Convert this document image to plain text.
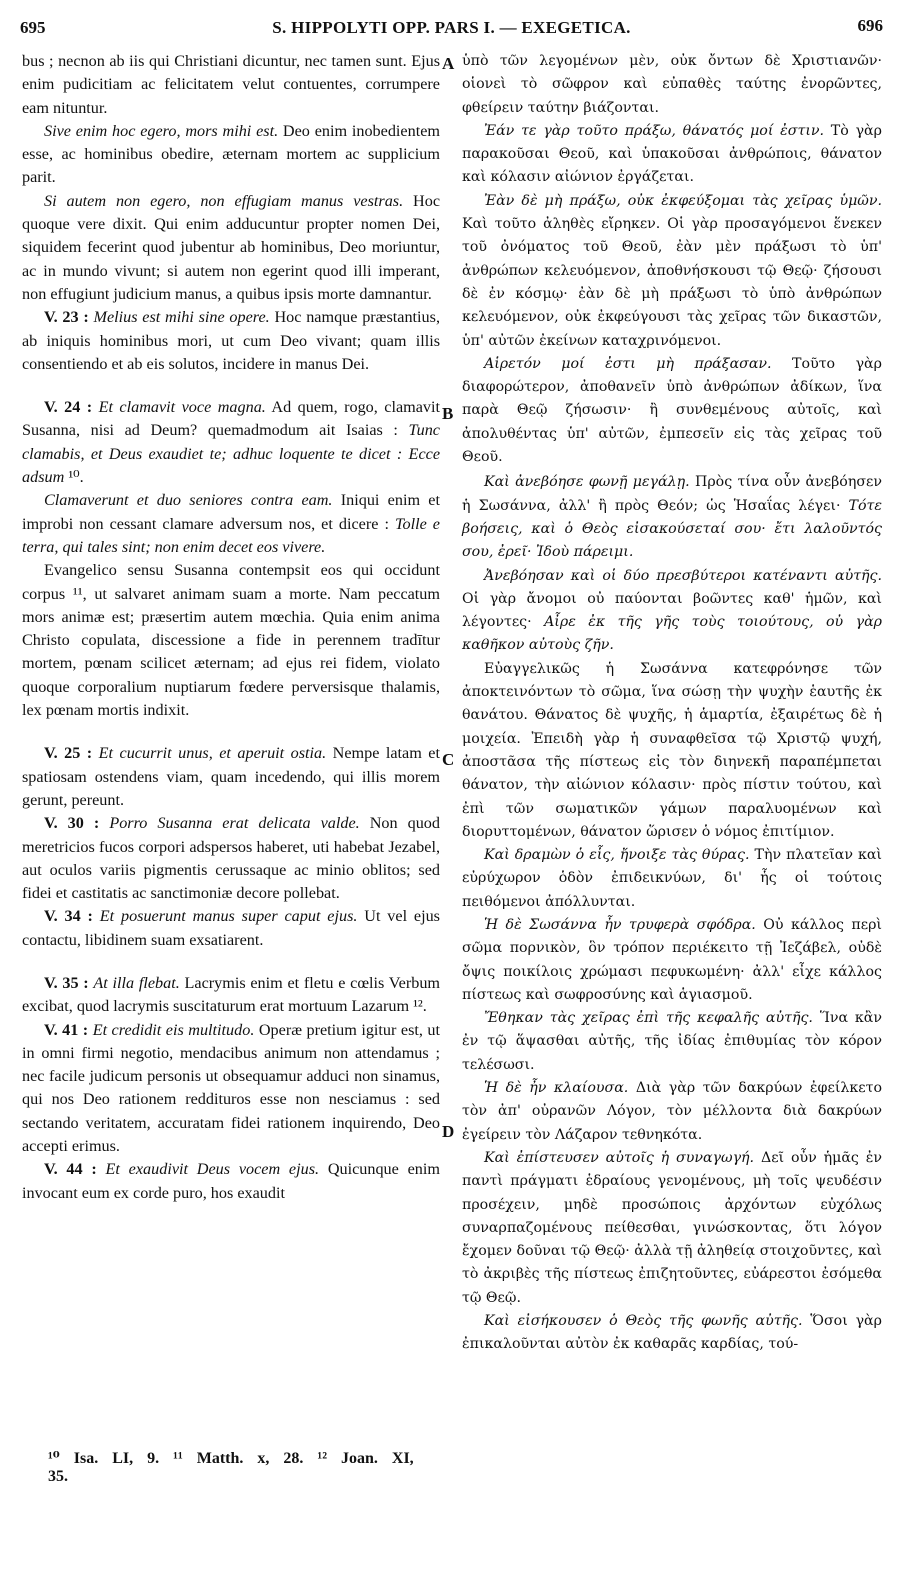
695	S. HIPPOLYTI OPP. PARS I. — EXEGETICA.	696

bus ; necnon ab iis qui Christiani dicuntur, nec tamen sunt. Ejus enim pudicitiam ac felicitatem velut contuentes, corrumpere eam nituntur.

Sive enim hoc egero, mors mihi est. Deo enim inobedientem esse, ac hominibus obedire, æternam mortem ac supplicium parit.

Si autem non egero, non effugiam manus vestras. Hoc quoque vere dixit. Qui enim adducuntur propter nomen Dei, siquidem fecerint quod jubentur ab hominibus, Deo moriuntur, ac in mundo vivunt; si autem non egerint quod illi imperant, non effugiunt judicium manus, a quibus ipsis morte damnantur.

V. 23 : Melius est mihi sine opere. Hoc namque præstantius, ab iniquis hominibus mori, ut cum Deo vivant; quam illis consentiendo et ab eis solutos, incidere in manus Dei.

V. 24 : Et clamavit voce magna. Ad quem, rogo, clamavit Susanna, nisi ad Deum? quemadmodum ait Isaias : Tunc clamabis, et Deus exaudiet te; adhuc loquente te dicet : Ecce adsum ¹⁰.

Clamaverunt et duo seniores contra eam. Iniqui enim et improbi non cessant clamare adversum nos, et dicere : Tolle e terra, qui tales sint; non enim decet eos vivere.

Evangelico sensu Susanna contempsit eos qui occidunt corpus ¹¹, ut salvaret animam suam a morte. Nam peccatum mors animæ est; præsertim autem mœchia. Quia enim anima Christo copulata, discessione a fide in perennem tradītur mortem, pœnam scilicet æternam; ad ejus rei fidem, violato quoque corporalium nuptiarum fœdere perversisque thalamis, lex pœnam mortis indixit.

V. 25 : Et cucurrit unus, et aperuit ostia. Nempe latam et spatiosam ostendens viam, quam incedendo, qui illis morem gerunt, pereunt.

V. 30 : Porro Susanna erat delicata valde. Non quod meretricios fucos corpori adspersos haberet, uti habebat Jezabel, aut oculos variis pigmentis cerussaque ac minio oblitos; sed fidei et castitatis ac sanctimoniæ decore pollebat.

V. 34 : Et posuerunt manus super caput ejus. Ut vel ejus contactu, libidinem suam exsatiarent.

V. 35 : At illa flebat. Lacrymis enim et fletu e cœlis Verbum excibat, quod lacrymis suscitaturum erat mortuum Lazarum ¹².

V. 41 : Et credidit eis multitudo. Operæ pretium igitur est, ut in omni firmi negotio, mendacibus animum non attendamus ; nec facile judicum personis ut obsequamur adduci non sinamus, qui nos Deo rationem reddituros esse non nesciamus : sed sectando veritatem, accuratam fidei rationem inquirendo, Deo accepti erimus.

V. 44 : Et exaudivit Deus vocem ejus. Quicunque enim invocant eum ex corde puro, hos exaudit

¹⁰ Isa. LI, 9. ¹¹ Matth. x, 28. ¹² Joan. XI, 35.
A
B
C
D

ὑπὸ τῶν λεγομένων μὲν, οὐκ ὄντων δὲ Χριστιανῶν· οἱονεὶ τὸ σῶφρον καὶ εὐπαθὲς ταύτης ἐνορῶντες, φθείρειν ταύτην βιάζονται.

Ἐάν τε γὰρ τοῦτο πράξω, θάνατός μοί ἐστιν. Τὸ γὰρ παρακοῦσαι Θεοῦ, καὶ ὑπακοῦσαι ἀνθρώποις, θάνατον καὶ κόλασιν αἰώνιον ἐργάζεται.

Ἐὰν δὲ μὴ πράξω, οὐκ ἐκφεύξομαι τὰς χεῖρας ὑμῶν. Καὶ τοῦτο ἀληθὲς εἴρηκεν. Οἱ γὰρ προσαγόμενοι ἕνεκεν τοῦ ὀνόματος τοῦ Θεοῦ, ἐὰν μὲν πράξωσι τὸ ὑπ' ἀνθρώπων κελευόμενον, ἀποθνήσκουσι τῷ Θεῷ· ζήσουσι δὲ ἐν κόσμῳ· ἐὰν δὲ μὴ πράξωσι τὸ ὑπὸ ἀνθρώπων κελευόμενον, οὐκ ἐκφεύγουσι τὰς χεῖρας τῶν δικαστῶν, ὑπ' αὐτῶν ἐκείνων καταχρινόμενοι.

Αἱρετόν μοί ἐστι μὴ πράξασαν. Τοῦτο γὰρ διαφορώτερον, ἀποθανεῖν ὑπὸ ἀνθρώπων ἀδίκων, ἵνα παρὰ Θεῷ ζήσωσιν· ἢ συνθεμένους αὐτοῖς, καὶ ἀπολυθέντας ὑπ' αὐτῶν, ἐμπεσεῖν εἰς τὰς χεῖρας τοῦ Θεοῦ.

Καὶ ἀνεβόησε φωνῇ μεγάλῃ. Πρὸς τίνα οὖν ἀνεβόησεν ἡ Σωσάννα, ἀλλ' ἢ πρὸς Θεόν; ὡς Ἡσαΐας λέγει· Τότε βοήσεις, καὶ ὁ Θεὸς εἰσακούσεταί σου· ἔτι λαλοῦντός σου, ἐρεῖ· Ἰδοὺ πάρειμι.

Ἀνεβόησαν καὶ οἱ δύο πρεσβύτεροι κατέναντι αὐτῆς. Οἱ γὰρ ἄνομοι οὐ παύονται βοῶντες καθ' ἡμῶν, καὶ λέγοντες· Αἶρε ἐκ τῆς γῆς τοὺς τοιούτους, οὐ γὰρ καθῆκον αὐτοὺς ζῆν.

Εὐαγγελικῶς ἡ Σωσάννα κατεφρόνησε τῶν ἀποκτεινόντων τὸ σῶμα, ἵνα σώσῃ τὴν ψυχὴν ἑαυτῆς ἐκ θανάτου. Θάνατος δὲ ψυχῆς, ἡ ἁμαρτία, ἐξαιρέτως δὲ ἡ μοιχεία. Ἐπειδὴ γὰρ ἡ συναφθεῖσα τῷ Χριστῷ ψυχή, ἀποστᾶσα τῆς πίστεως εἰς τὸν διηνεκῆ παραπέμπεται θάνατον, τὴν αἰώνιον κόλασιν· πρὸς πίστιν τούτου, καὶ ἐπὶ τῶν σωματικῶν γάμων παραλυομένων καὶ διορυττομένων, θάνατον ὥρισεν ὁ νόμος ἐπιτίμιον.

Καὶ δραμὼν ὁ εἷς, ἤνοιξε τὰς θύρας. Τὴν πλατεῖαν καὶ εὐρύχωρον ὁδὸν ἐπιδεικνύων, δι' ἧς οἱ τούτοις πειθόμενοι ἀπόλλυνται.

Ἡ δὲ Σωσάννα ἦν τρυφερὰ σφόδρα. Οὐ κάλλος περὶ σῶμα πορνικὸν, ὃν τρόπον περιέκειτο τῇ Ἰεζάβελ, οὐδὲ ὄψις ποικίλοις χρώμασι πεφυκωμένη· ἀλλ' εἶχε κάλλος πίστεως καὶ σωφροσύνης καὶ ἁγιασμοῦ.

Ἔθηκαν τὰς χεῖρας ἐπὶ τῆς κεφαλῆς αὐτῆς. Ἵνα κἂν ἐν τῷ ἅψασθαι αὐτῆς, τῆς ἰδίας ἐπιθυμίας τὸν κόρον τελέσωσι.

Ἡ δὲ ἦν κλαίουσα. Διὰ γὰρ τῶν δακρύων ἐφείλκετο τὸν ἀπ' οὐρανῶν Λόγον, τὸν μέλλοντα διὰ δακρύων ἐγείρειν τὸν Λάζαρον τεθνηκότα.

Καὶ ἐπίστευσεν αὐτοῖς ἡ συναγωγή. Δεῖ οὖν ἡμᾶς ἐν παντὶ πράγματι ἑδραίους γενομένους, μὴ τοῖς ψευδέσιν προσέχειν, μηδὲ προσώποις ἀρχόντων εὐχόλως συναρπαζομένους πείθεσθαι, γινώσκοντας, ὅτι λόγον ἔχομεν δοῦναι τῷ Θεῷ· ἀλλὰ τῇ ἀληθείᾳ στοιχοῦντες, καὶ τὸ ἀκριβὲς τῆς πίστεως ἐπιζητοῦντες, εὐάρεστοι ἐσόμεθα τῷ Θεῷ.

Καὶ εἰσήκουσεν ὁ Θεὸς τῆς φωνῆς αὐτῆς. Ὅσοι γὰρ ἐπικαλοῦνται αὐτὸν ἐκ καθαρᾶς καρδίας, τού-
